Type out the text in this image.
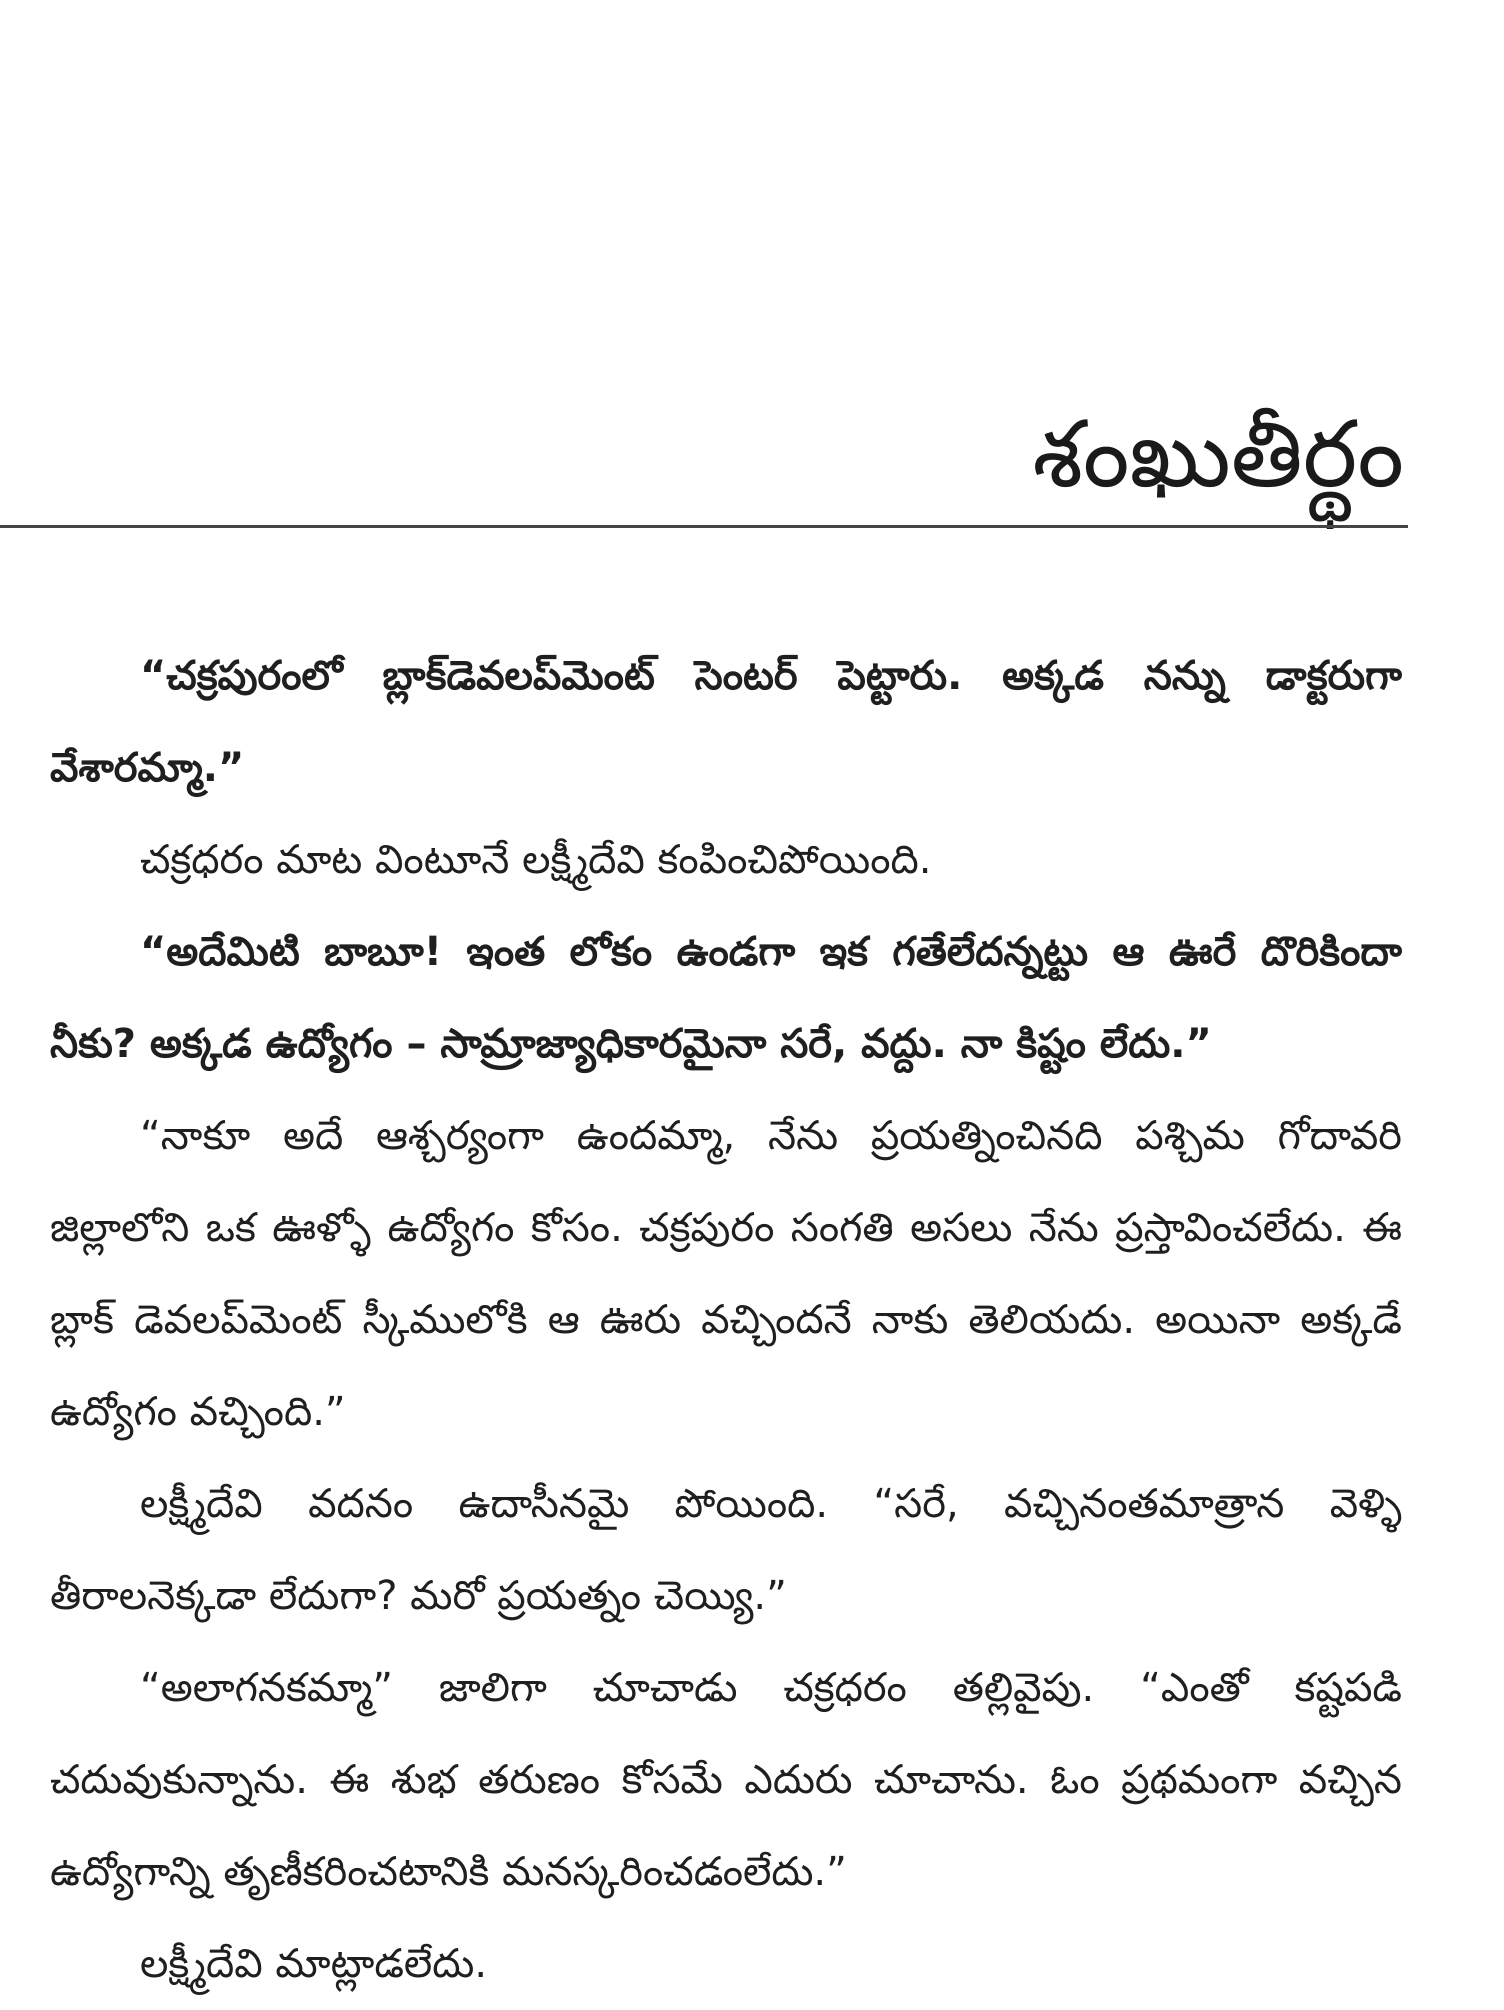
శంఖుతీర్థం

“చక్రపురంలో బ్లాక్‌డెవలప్‌మెంట్ సెంటర్ పెట్టారు. అక్కడ నన్ను డాక్టరుగా వేశారమ్మా.”

చక్రధరం మాట వింటూనే లక్ష్మీదేవి కంపించిపోయింది.

“అదేమిటి బాబూ! ఇంత లోకం ఉండగా ఇక గతేలేదన్నట్టు ఆ ఊరే దొరికిందా నీకు? అక్కడ ఉద్యోగం – సామ్రాజ్యాధికారమైనా సరే, వద్దు. నా కిష్టం లేదు.”

“నాకూ అదే ఆశ్చర్యంగా ఉందమ్మా, నేను ప్రయత్నించినది పశ్చిమ గోదావరి జిల్లాలోని ఒక ఊళ్ళో ఉద్యోగం కోసం. చక్రపురం సంగతి అసలు నేను ప్రస్తావించలేదు. ఈ బ్లాక్ డెవలప్‌మెంట్ స్కీములోకి ఆ ఊరు వచ్చిందనే నాకు తెలియదు. అయినా అక్కడే ఉద్యోగం వచ్చింది.”

లక్ష్మీదేవి వదనం ఉదాసీనమై పోయింది. “సరే, వచ్చినంతమాత్రాన వెళ్ళి తీరాలనెక్కడా లేదుగా? మరో ప్రయత్నం చెయ్యి.”

“అలాగనకమ్మా” జాలిగా చూచాడు చక్రధరం తల్లివైపు. “ఎంతో కష్టపడి చదువుకున్నాను. ఈ శుభ తరుణం కోసమే ఎదురు చూచాను. ఓం ప్రథమంగా వచ్చిన ఉద్యోగాన్ని తృణీకరించటానికి మనస్కరించడంలేదు.”

లక్ష్మీదేవి మాట్లాడలేదు.
